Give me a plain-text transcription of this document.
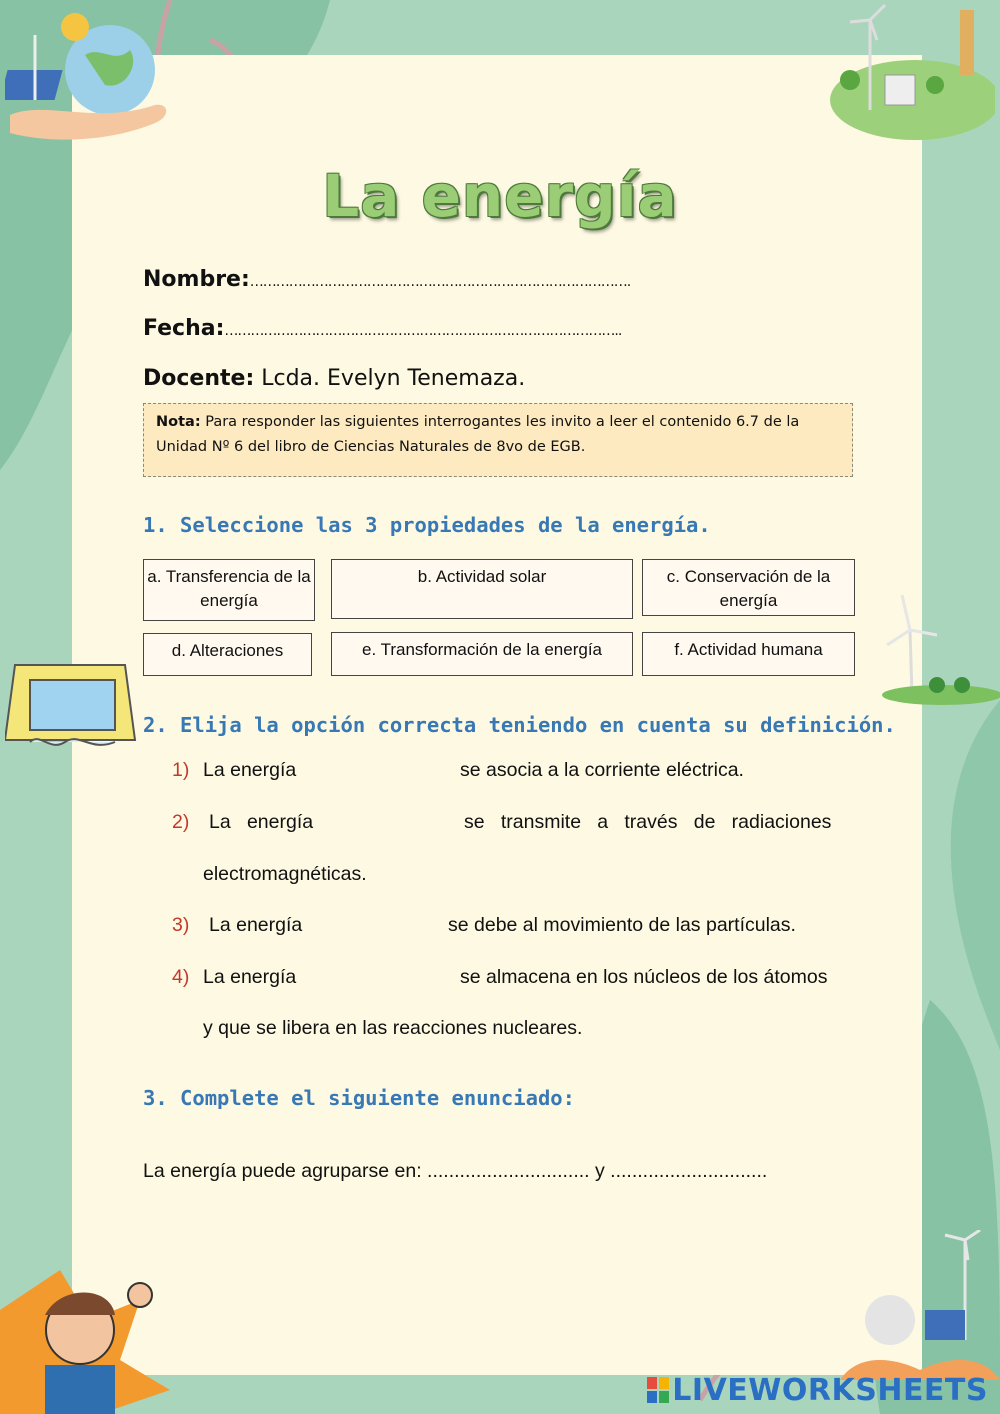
La energía
Nombre:…………………………………………………………………………….
Fecha:………………………………………………………………………………..
Docente: Lcda. Evelyn Tenemaza.
Nota: Para responder las siguientes interrogantes les invito a leer el contenido 6.7 de la Unidad Nº 6 del libro de Ciencias Naturales de 8vo de EGB.
1. Seleccione las 3 propiedades de la energía.
a. Transferencia de la energía
b. Actividad solar	c. Conservación de la energía
d. Alteraciones	e. Transformación de la energía	f. Actividad humana
2. Elija la opción correcta teniendo en cuenta su definición.
1) La energía	se asocia a la corriente eléctrica.
2) La   energía	se   transmite   a   través   de   radiaciones
electromagnéticas.
3) La energía	se debe al movimiento de las partículas.
4) La energía	se almacena en los núcleos de los átomos
y que se libera en las reacciones nucleares.
3. Complete el siguiente enunciado:
La energía puede agruparse en: .............................. y .............................
LIVEWORKSHEETS
